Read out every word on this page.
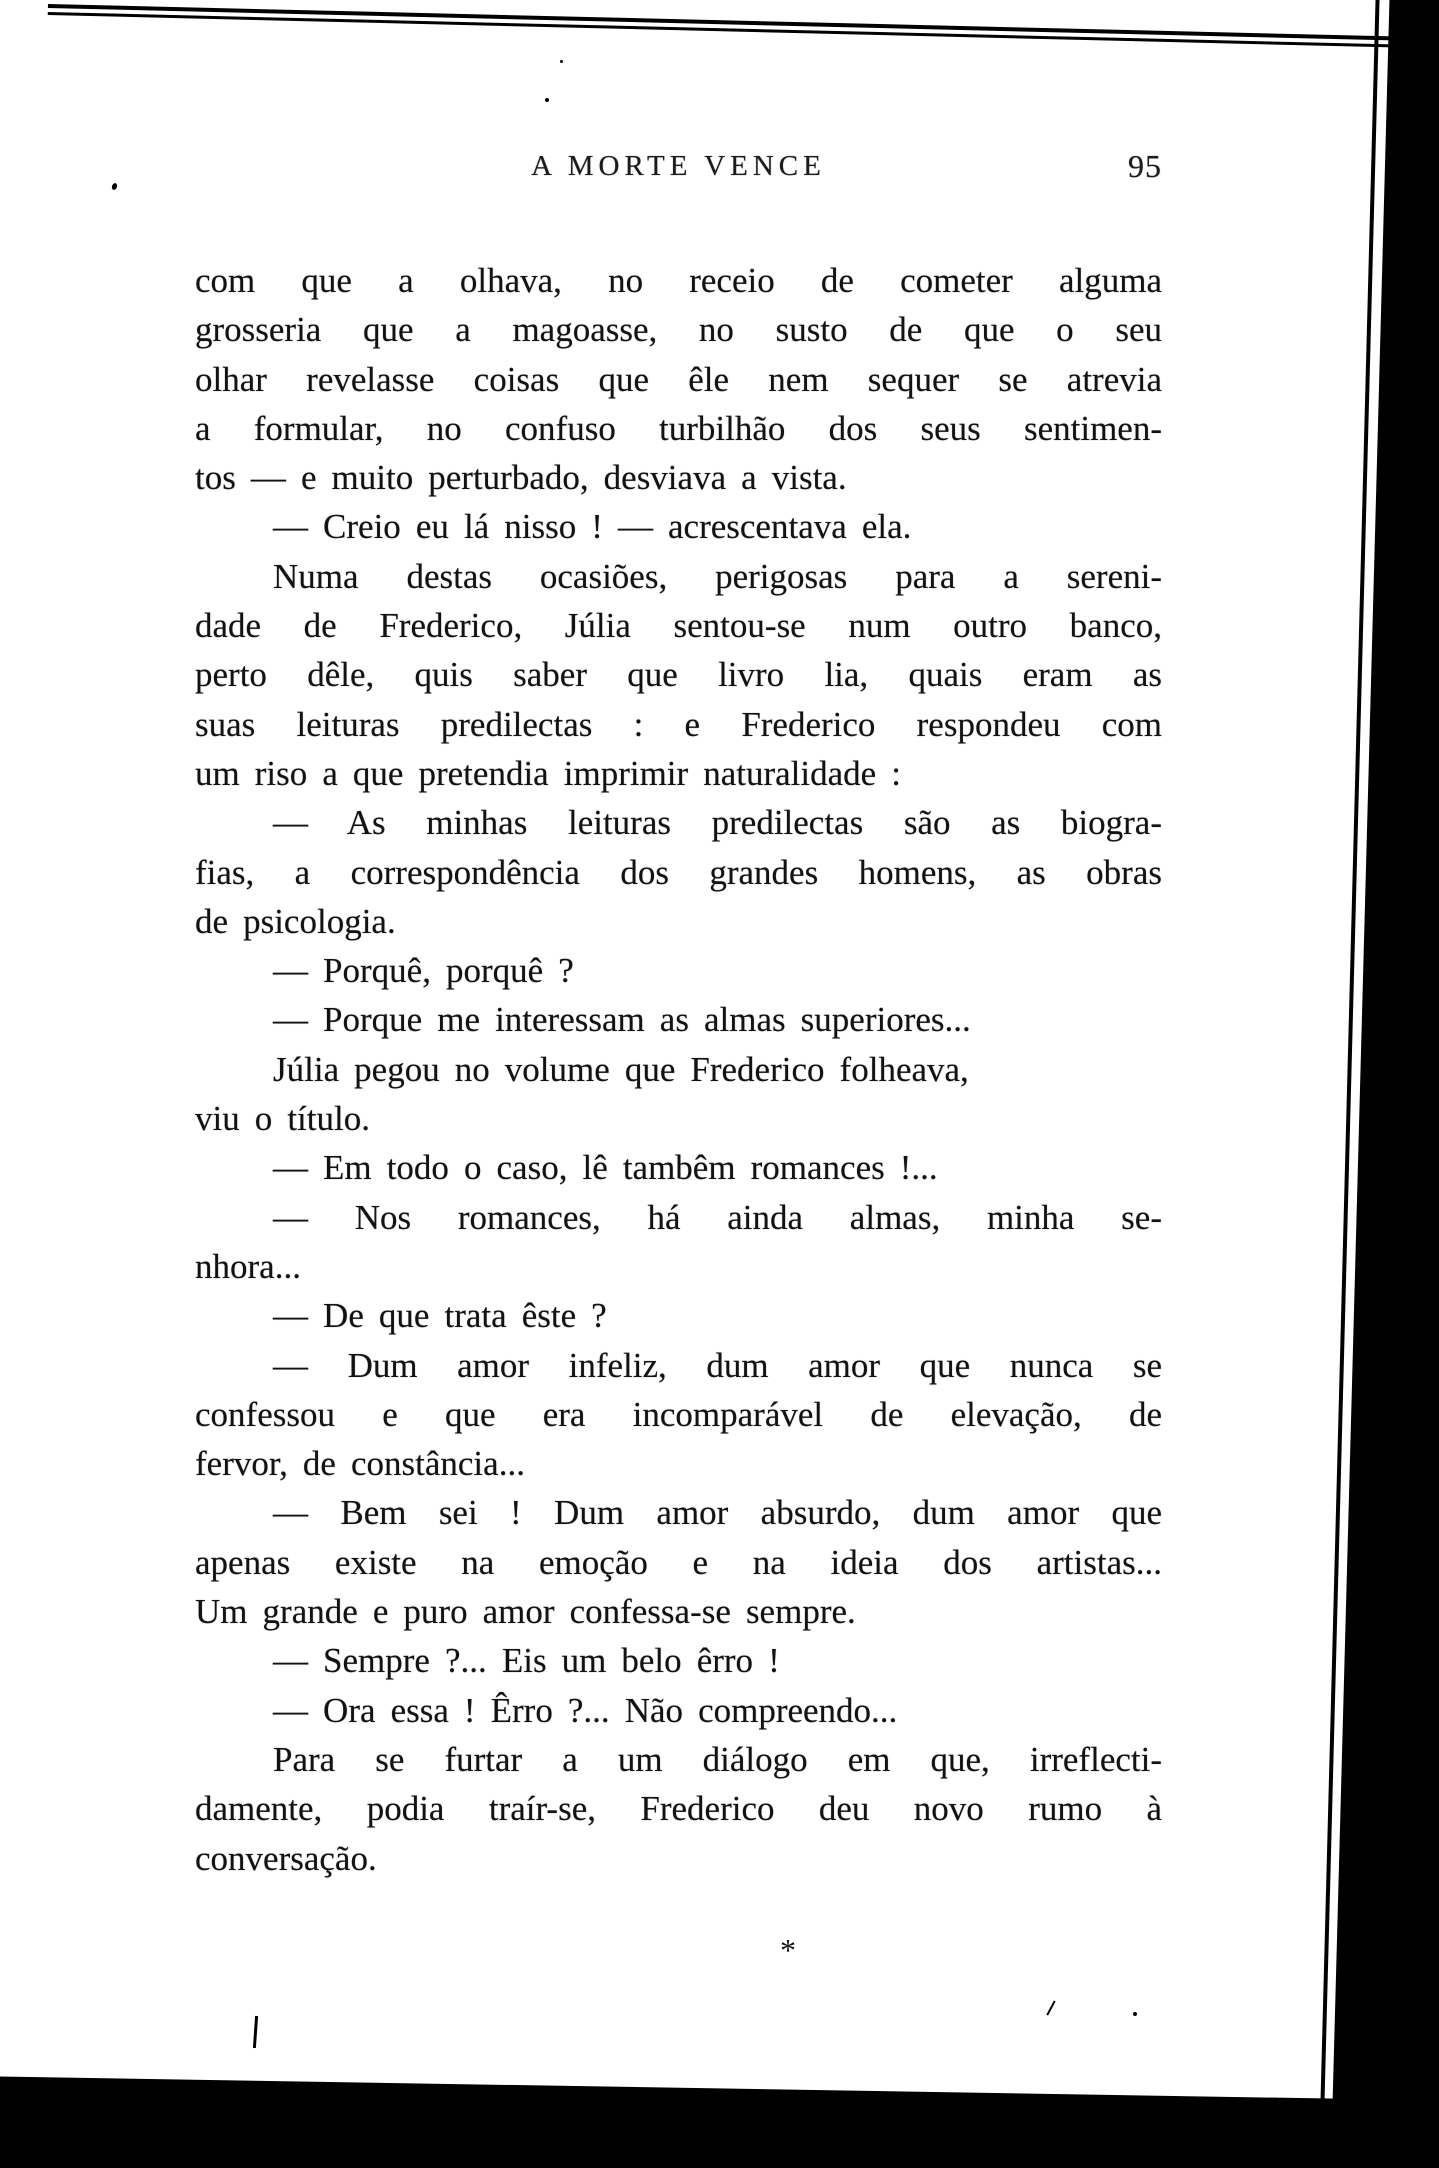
A MORTE VENCE	95
com que a olhava, no receio de cometer alguma
grosseria que a magoasse, no susto de que o seu
olhar revelasse coisas que êle nem sequer se atrevia
a formular, no confuso turbilhão dos seus sentimen-
tos — e muito perturbado, desviava a vista.
— Creio eu lá nisso ! — acrescentava ela.
Numa destas ocasiões, perigosas para a sereni-
dade de Frederico, Júlia sentou-se num outro banco,
perto dêle, quis saber que livro lia, quais eram as
suas leituras predilectas : e Frederico respondeu com
um riso a que pretendia imprimir naturalidade :
— As minhas leituras predilectas são as biogra-
fias, a correspondência dos grandes homens, as obras
de psicologia.
— Porquê, porquê ?
— Porque me interessam as almas superiores...
Júlia pegou no volume que Frederico folheava,
viu o título.
— Em todo o caso, lê tambêm romances !...
— Nos romances, há ainda almas, minha se-
nhora...
— De que trata êste ?
— Dum amor infeliz, dum amor que nunca se
confessou e que era incomparável de elevação, de
fervor, de constância...
— Bem sei ! Dum amor absurdo, dum amor que
apenas existe na emoção e na ideia dos artistas...
Um grande e puro amor confessa-se sempre.
— Sempre ?... Eis um belo êrro !
— Ora essa ! Êrro ?... Não compreendo...
Para se furtar a um diálogo em que, irreflecti-
damente, podia traír-se, Frederico deu novo rumo à
conversação.
*
